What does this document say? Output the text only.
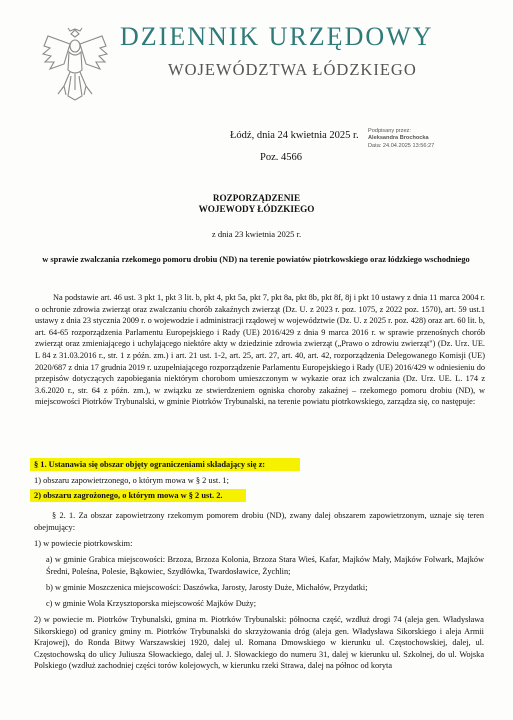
DZIENNIK URZĘDOWY
WOJEWÓDZTWA ŁÓDZKIEGO
Łódź, dnia 24 kwietnia 2025 r.
Poz. 4566
Podpisany przez:
Aleksandra Brochocka
Data: 24.04.2025 13:56:27
ROZPORZĄDZENIE
WOJEWODY ŁÓDZKIEGO
z dnia 23 kwietnia 2025 r.
w sprawie zwalczania rzekomego pomoru drobiu (ND) na terenie powiatów piotrkowskiego oraz łódzkiego wschodniego
Na podstawie art. 46 ust. 3 pkt 1, pkt 3 lit. b, pkt 4, pkt 5a, pkt 7, pkt 8a, pkt 8b, pkt 8f, 8j i pkt 10 ustawy z dnia 11 marca 2004 r. o ochronie zdrowia zwierząt oraz zwalczaniu chorób zakaźnych zwierząt (Dz. U. z 2023 r. poz. 1075, z 2022 poz. 1570), art. 59 ust.1 ustawy z dnia 23 stycznia 2009 r. o wojewodzie i administracji rządowej w województwie (Dz. U. z 2025 r. poz. 428) oraz art. 60 lit. b, art. 64-65 rozporządzenia Parlamentu Europejskiego i Rady (UE) 2016/429 z dnia 9 marca 2016 r. w sprawie przenośnych chorób zwierząt oraz zmieniającego i uchylającego niektóre akty w dziedzinie zdrowia zwierząt („Prawo o zdrowiu zwierząt") (Dz. Urz. UE. L 84 z 31.03.2016 r., str. 1 z późn. zm.) i art. 21 ust. 1-2, art. 25, art. 27, art. 40, art. 42, rozporządzenia Delegowanego Komisji (UE) 2020/687 z dnia 17 grudnia 2019 r. uzupełniającego rozporządzenie Parlamentu Europejskiego i Rady (UE) 2016/429 w odniesieniu do przepisów dotyczących zapobiegania niektórym chorobom umieszczonym w wykazie oraz ich zwalczania (Dz. Urz. UE. L. 174 z 3.6.2020 r., str. 64 z późn. zm.), w związku ze stwierdzeniem ogniska choroby zakaźnej – rzekomego pomoru drobiu (ND), w miejscowości Piotrków Trybunalski, w gminie Piotrków Trybunalski, na terenie powiatu piotrkowskiego, zarządza się, co następuje:
§ 1. Ustanawia się obszar objęty ograniczeniami składający się z:
1) obszaru zapowietrzonego, o którym mowa w § 2 ust. 1;
2) obszaru zagrożonego, o którym mowa w § 2 ust. 2.
§ 2. 1. Za obszar zapowietrzony rzekomym pomorem drobiu (ND), zwany dalej obszarem zapowietrzonym, uznaje się teren obejmujący:
1) w powiecie piotrkowskim:
a) w gminie Grabica miejscowości: Brzoza, Brzoza Kolonia, Brzoza Stara Wieś, Kafar, Majków Mały, Majków Folwark, Majków Średni, Poleśna, Polesie, Bąkowiec, Szydłówka, Twardosławice, Żychlin;
b) w gminie Moszczenica miejscowości: Daszówka, Jarosty, Jarosty Duże, Michałów, Przydatki;
c) w gminie Wola Krzysztoporska miejscowość Majków Duży;
2) w powiecie m. Piotrków Trybunalski, gmina m. Piotrków Trybunalski: północna część, wzdłuż drogi 74 (aleja gen. Władysława Sikorskiego) od granicy gminy m. Piotrków Trybunalski do skrzyżowania dróg (aleja gen. Władysława Sikorskiego i aleja Armii Krajowej), do Ronda Bitwy Warszawskiej 1920, dalej ul. Romana Dmowskiego w kierunku ul. Częstochowskiej, dalej, ul. Częstochowską do ulicy Juliusza Słowackiego, dalej ul. J. Słowackiego do numeru 31, dalej w kierunku ul. Szkolnej, do ul. Wojska Polskiego (wzdłuż zachodniej części torów kolejowych, w kierunku rzeki Strawa, dalej na północ od koryta
